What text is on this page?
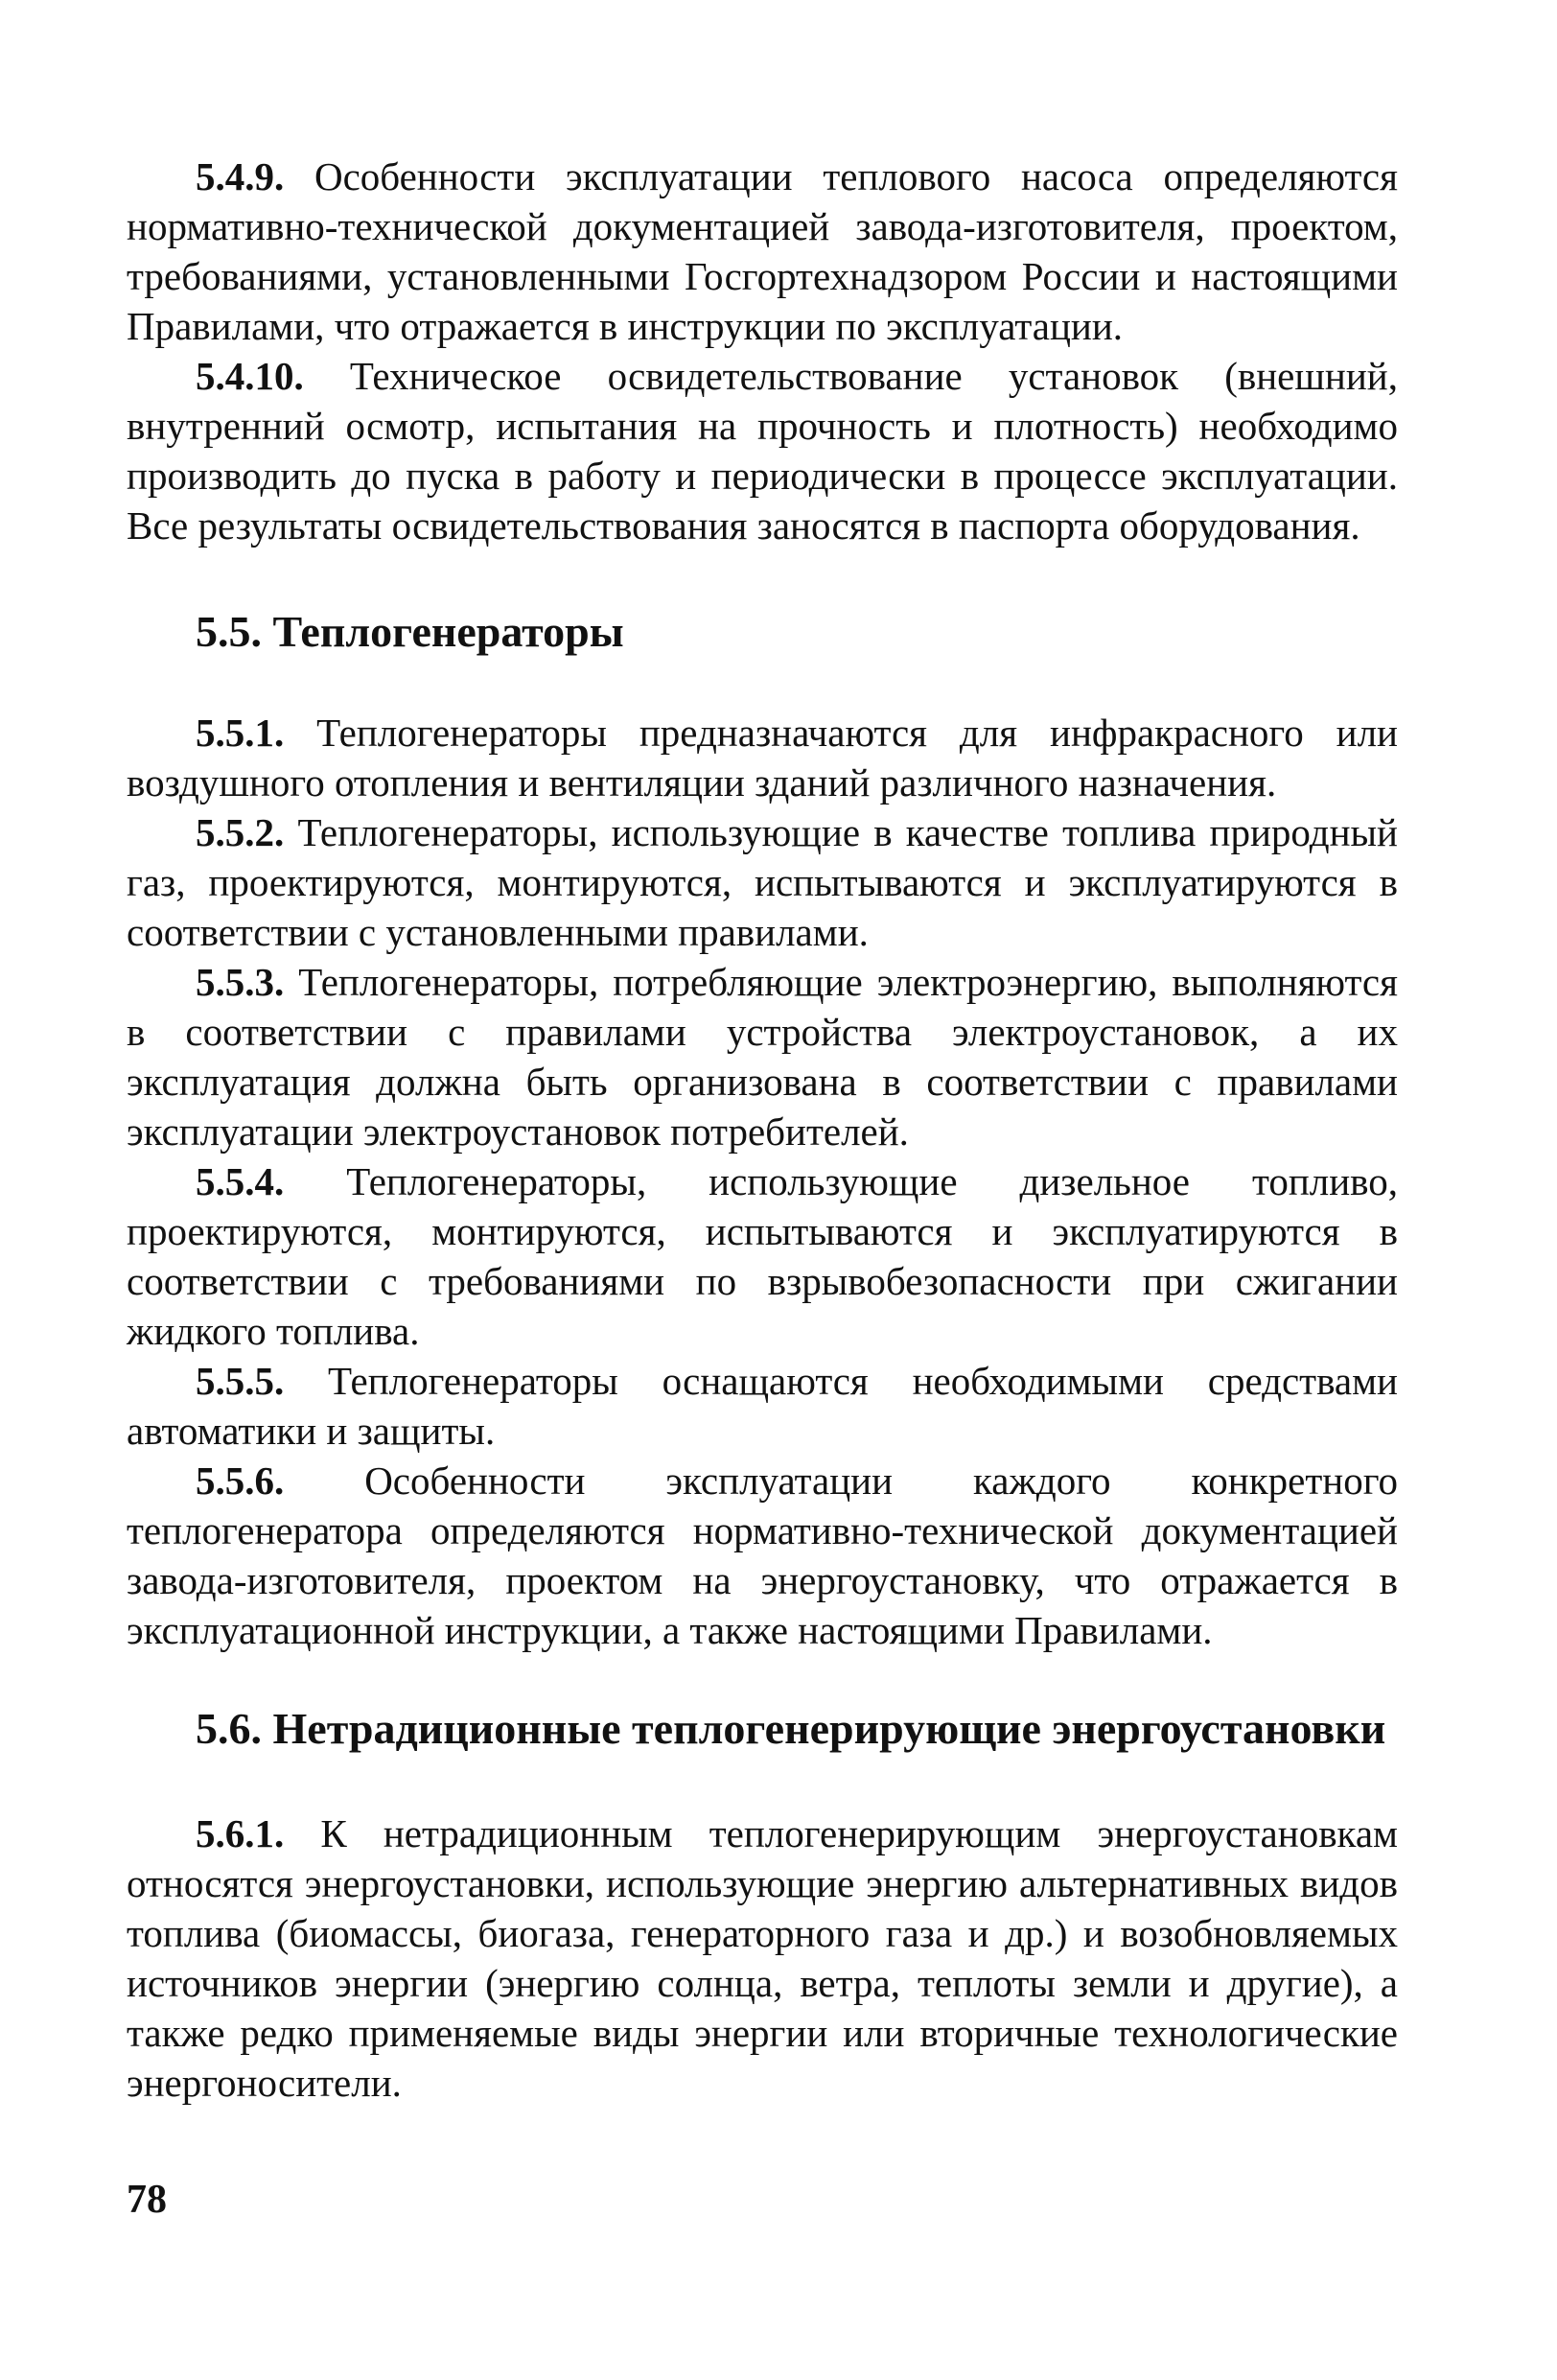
5.4.9. Особенности эксплуатации теплового насоса определяются нормативно-технической документацией завода-изготовителя, проектом, требованиями, установленными Госгортехнадзором России и настоящими Правилами, что отражается в инструкции по эксплуатации.

5.4.10. Техническое освидетельствование установок (внешний, внутренний осмотр, испытания на прочность и плотность) необходимо производить до пуска в работу и периодически в процессе эксплуатации. Все результаты освидетельствования заносятся в паспорта оборудования.

5.5. Теплогенераторы

5.5.1. Теплогенераторы предназначаются для инфракрасного или воздушного отопления и вентиляции зданий различного назначения.

5.5.2. Теплогенераторы, использующие в качестве топлива природный газ, проектируются, монтируются, испытываются и эксплуатируются в соответствии с установленными правилами.

5.5.3. Теплогенераторы, потребляющие электроэнергию, выполняются в соответствии с правилами устройства электроустановок, а их эксплуатация должна быть организована в соответствии с правилами эксплуатации электроустановок потребителей.

5.5.4. Теплогенераторы, использующие дизельное топливо, проектируются, монтируются, испытываются и эксплуатируются в соответствии с требованиями по взрывобезопасности при сжигании жидкого топлива.

5.5.5. Теплогенераторы оснащаются необходимыми средствами автоматики и защиты.

5.5.6. Особенности эксплуатации каждого конкретного теплогенератора определяются нормативно-технической документацией завода-изготовителя, проектом на энергоустановку, что отражается в эксплуатационной инструкции, а также настоящими Правилами.

5.6. Нетрадиционные теплогенерирующие энергоустановки

5.6.1. К нетрадиционным теплогенерирующим энергоустановкам относятся энергоустановки, использующие энергию альтернативных видов топлива (биомассы, биогаза, генераторного газа и др.) и возобновляемых источников энергии (энергию солнца, ветра, теплоты земли и другие), а также редко применяемые виды энергии или вторичные технологические энергоносители.

78
